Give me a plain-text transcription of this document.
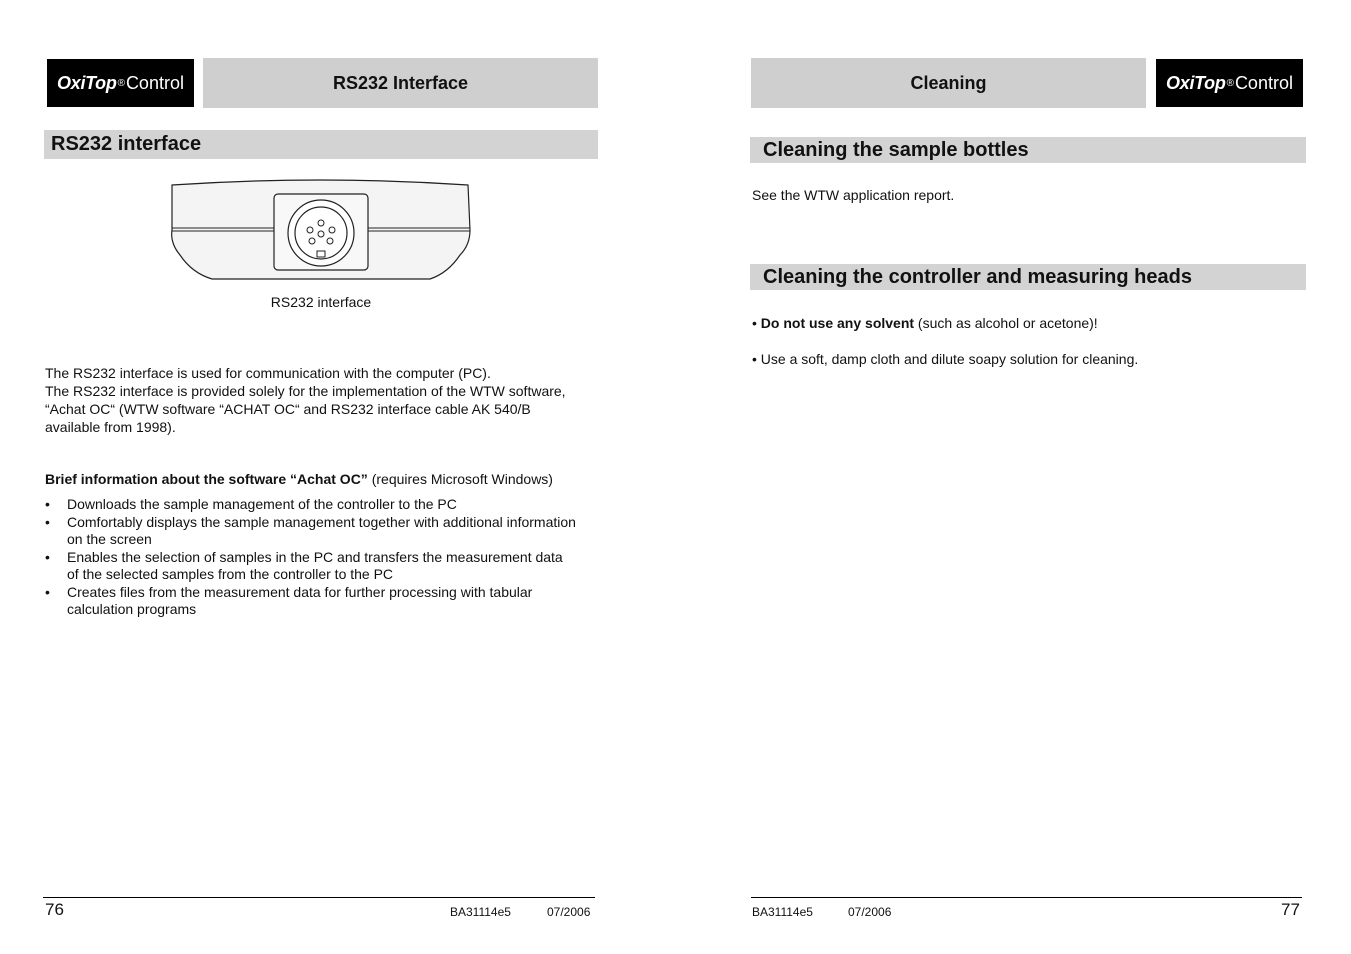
OxiTop ® Control	RS232 Interface
RS232 interface
RS232 interface

The RS232 interface is used for communication with the computer (PC).

The RS232 interface is provided solely for the implementation of the WTW software,

“Achat OC“ (WTW software “ACHAT OC“ and RS232 interface cable AK 540/B

available from 1998).

Brief information about the software “Achat OC” (requires Microsoft Windows)
• Downloads the sample management of the controller to the PC
• Comfortably displays the sample management together with additional information
on the screen
• Enables the selection of samples in the PC and transfers the measurement data
of the selected samples from the controller to the PC
• Creates files from the measurement data for further processing with tabular
calculation programs
76	BA31114e5	07/2006
Cleaning	OxiTop ® Control
Cleaning the sample bottles
See the WTW application report.
Cleaning the controller and measuring heads
• Do not use any solvent (such as alcohol or acetone)!
• Use a soft, damp cloth and dilute soapy solution for cleaning.
BA31114e5	07/2006	77
